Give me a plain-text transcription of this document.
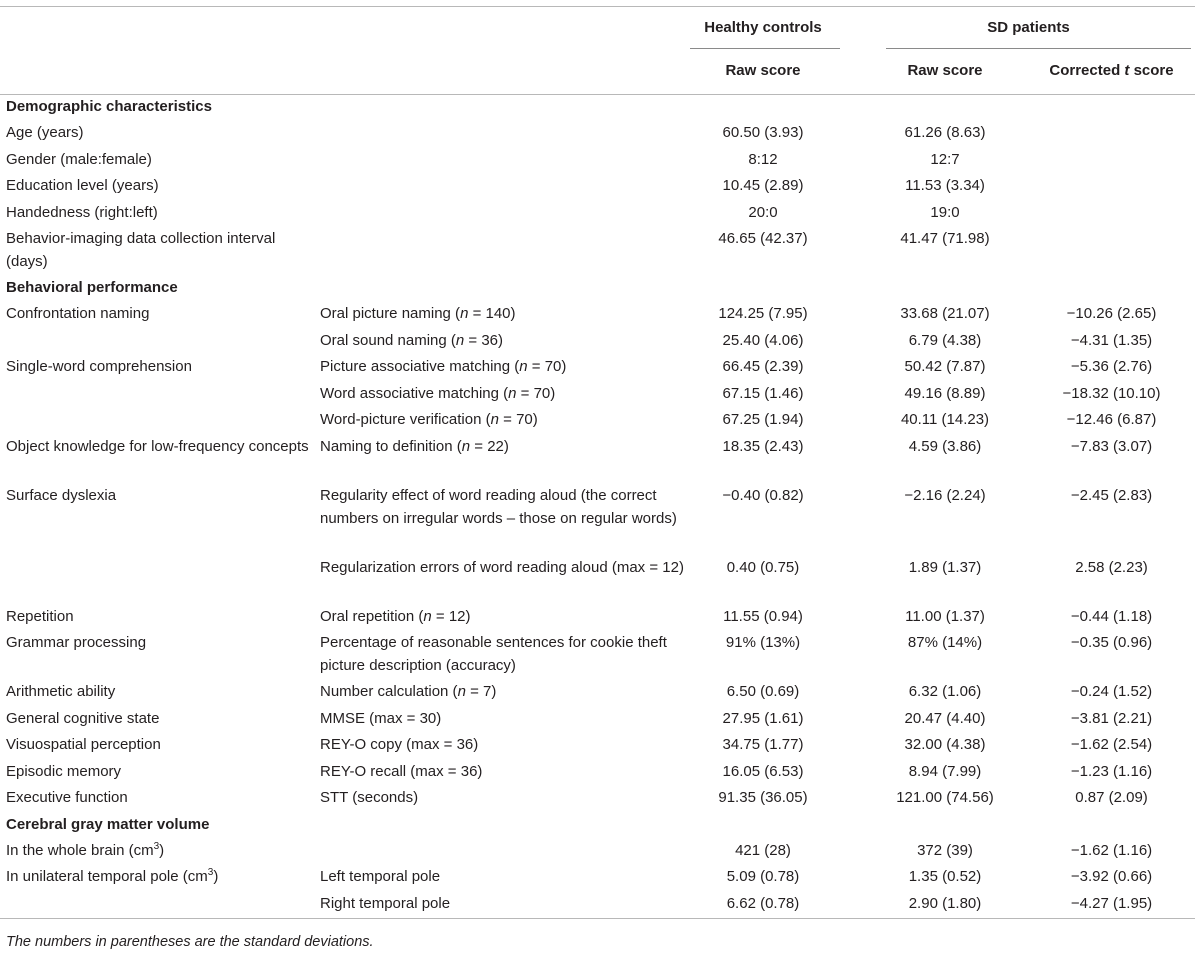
		Healthy controls	SD patients	

		Raw score	Raw score	Corrected t score
Demographic characteristics				
Age (years)		60.50 (3.93)	61.26 (8.63)	
Gender (male:female)		8:12	12:7	
Education level (years)		10.45 (2.89)	11.53 (3.34)	
Handedness (right:left)		20:0	19:0	
Behavior-imaging data collection interval (days)		46.65 (42.37)	41.47 (71.98)	
Behavioral performance				
Confrontation naming	Oral picture naming (n = 140)	124.25 (7.95)	33.68 (21.07)	−10.26 (2.65)
	Oral sound naming (n = 36)	25.40 (4.06)	6.79 (4.38)	−4.31 (1.35)
Single-word comprehension	Picture associative matching (n = 70)	66.45 (2.39)	50.42 (7.87)	−5.36 (2.76)
	Word associative matching (n = 70)	67.15 (1.46)	49.16 (8.89)	−18.32 (10.10)
	Word-picture verification (n = 70)	67.25 (1.94)	40.11 (14.23)	−12.46 (6.87)
Object knowledge for low-frequency concepts	Naming to definition (n = 22)	18.35 (2.43)	4.59 (3.86)	−7.83 (3.07)
Surface dyslexia	Regularity effect of word reading aloud (the correct numbers on irregular words – those on regular words)	−0.40 (0.82)	−2.16 (2.24)	−2.45 (2.83)
	Regularization errors of word reading aloud (max = 12)	0.40 (0.75)	1.89 (1.37)	2.58 (2.23)
Repetition	Oral repetition (n = 12)	11.55 (0.94)	11.00 (1.37)	−0.44 (1.18)
Grammar processing	Percentage of reasonable sentences for cookie theft picture description (accuracy)	91% (13%)	87% (14%)	−0.35 (0.96)
Arithmetic ability	Number calculation (n = 7)	6.50 (0.69)	6.32 (1.06)	−0.24 (1.52)
General cognitive state	MMSE (max = 30)	27.95 (1.61)	20.47 (4.40)	−3.81 (2.21)
Visuospatial perception	REY-O copy (max = 36)	34.75 (1.77)	32.00 (4.38)	−1.62 (2.54)
Episodic memory	REY-O recall (max = 36)	16.05 (6.53)	8.94 (7.99)	−1.23 (1.16)
Executive function	STT (seconds)	91.35 (36.05)	121.00 (74.56)	0.87 (2.09)
Cerebral gray matter volume				
In the whole brain $(cm^3)$		421 (28)	372 (39)	−1.62 (1.16)
In unilateral temporal pole $(cm^3)$	Left temporal pole	5.09 (0.78)	1.35 (0.52)	−3.92 (0.66)
	Right temporal pole	6.62 (0.78)	2.90 (1.80)	−4.27 (1.95)
The numbers in parentheses are the standard deviations.
